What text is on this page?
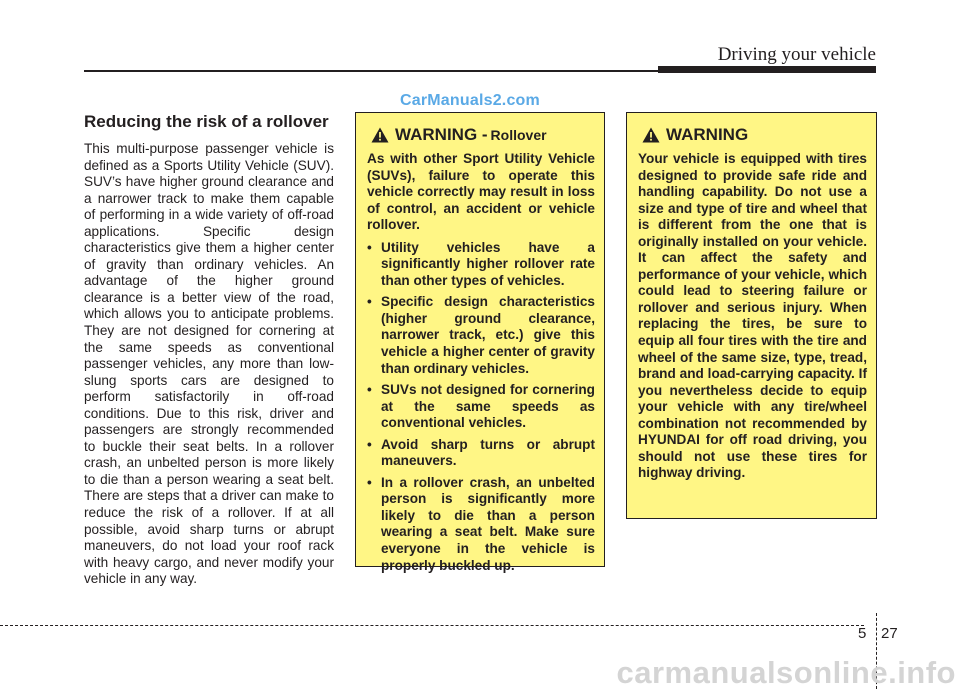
Driving your vehicle
CarManuals2.com
Reducing the risk of a rollover

This multi-purpose passenger vehicle is defined as a Sports Utility Vehicle (SUV). SUV’s have higher ground clearance and a narrower track to make them capable of performing in a wide variety of off-road applications. Specific design characteristics give them a higher center of gravity than ordinary vehicles. An advantage of the higher ground clearance is a better view of the road, which allows you to anticipate problems. They are not designed for cornering at the same speeds as conventional passenger vehicles, any more than low-slung sports cars are designed to perform satisfactorily in off-road conditions. Due to this risk, driver and passengers are strongly recommended to buckle their seat belts. In a rollover crash, an unbelted person is more likely to die than a person wearing a seat belt. There are steps that a driver can make to reduce the risk of a rollover. If at all possible, avoid sharp turns or abrupt maneuvers, do not load your roof rack with heavy cargo, and never modify your vehicle in any way.

WARNING - Rollover

As with other Sport Utility Vehicle (SUVs), failure to operate this vehicle correctly may result in loss of control, an accident or vehicle rollover.

• Utility vehicles have a significantly higher rollover rate than other types of vehicles.
• Specific design characteristics (higher ground clearance, narrower track, etc.) give this vehicle a higher center of gravity than ordinary vehicles.
• SUVs not designed for cornering at the same speeds as conventional vehicles.
• Avoid sharp turns or abrupt maneuvers.
• In a rollover crash, an unbelted person is significantly more likely to die than a person wearing a seat belt. Make sure everyone in the vehicle is properly buckled up.
WARNING

Your vehicle is equipped with tires designed to provide safe ride and handling capability. Do not use a size and type of tire and wheel that is different from the one that is originally installed on your vehicle. It can affect the safety and performance of your vehicle, which could lead to steering failure or rollover and serious injury. When replacing the tires, be sure to equip all four tires with the tire and wheel of the same size, type, tread, brand and load-carrying capacity. If you nevertheless decide to equip your vehicle with any tire/wheel combination not recommended by HYUNDAI for off road driving, you should not use these tires for highway driving.

5 27
carmanualsonline.info
